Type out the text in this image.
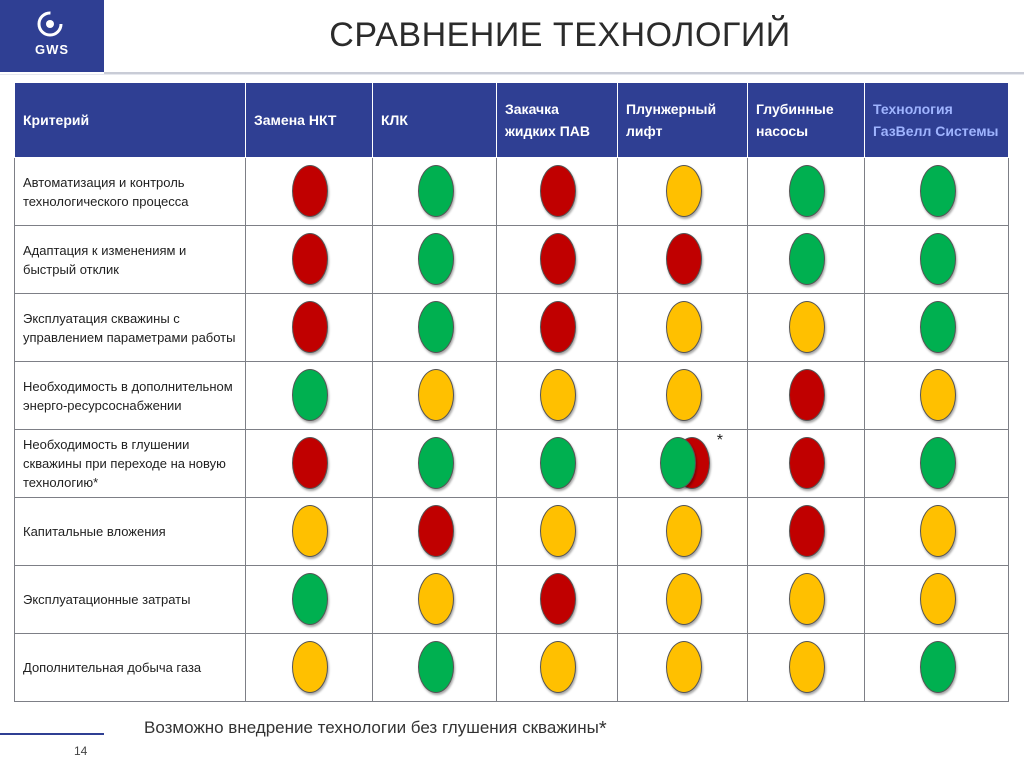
GWS	СРАВНЕНИЕ ТЕХНОЛОГИЙ
Критерий	Замена НКТ	КЛК	Закачка жидких ПАВ	Плунжерный лифт	Глубинные насосы	Технология ГазВелл Системы
Автоматизация и контроль технологического процесса	

Адаптация к изменениям и быстрый отклик	

Эксплуатация скважины с управлением параметрами работы	

Необходимость в дополнительном энерго-ресурсоснабжении	

Необходимость в глушении скважины при переходе на новую технологию*				*		

Капитальные вложения	

Эксплуатационные затраты	

Дополнительная добыча газа	

Возможно внедрение технологии без глушения скважины*
14
